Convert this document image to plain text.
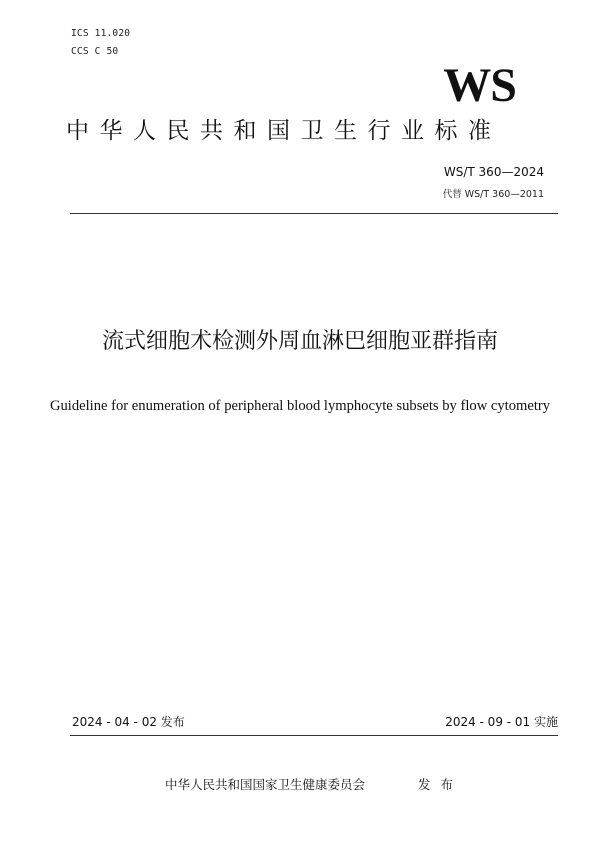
ICS 11.020
CCS C 50
WS
中华人民共和国卫生行业标准
WS/T 360—2024
代替 WS/T 360—2011
流式细胞术检测外周血淋巴细胞亚群指南
Guideline for enumeration of peripheral blood lymphocyte subsets by flow cytometry
2024 - 04 - 02 发布	2024 - 09 - 01 实施
中华人民共和国国家卫生健康委员会	发布
